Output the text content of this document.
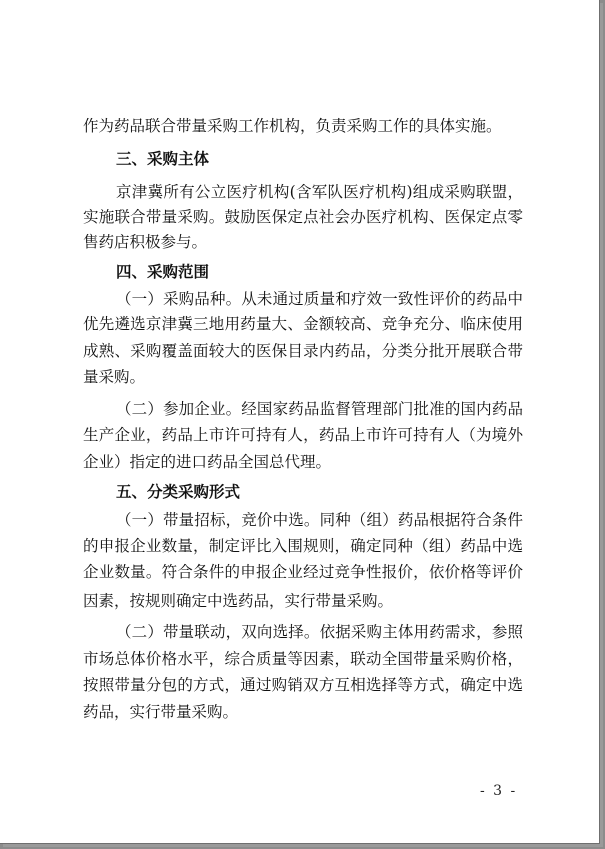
作为药品联合带量采购工作机构，负责采购工作的具体实施。
三、采购主体
京津冀所有公立医疗机构(含军队医疗机构)组成采购联盟，
实施联合带量采购。鼓励医保定点社会办医疗机构、医保定点零
售药店积极参与。
四、采购范围
（一）采购品种。从未通过质量和疗效一致性评价的药品中
优先遴选京津冀三地用药量大、金额较高、竞争充分、临床使用
成熟、采购覆盖面较大的医保目录内药品，分类分批开展联合带
量采购。
（二）参加企业。经国家药品监督管理部门批准的国内药品
生产企业，药品上市许可持有人，药品上市许可持有人（为境外
企业）指定的进口药品全国总代理。
五、分类采购形式
（一）带量招标，竞价中选。同种（组）药品根据符合条件
的申报企业数量，制定评比入围规则，确定同种（组）药品中选
企业数量。符合条件的申报企业经过竞争性报价，依价格等评价
因素，按规则确定中选药品，实行带量采购。
（二）带量联动，双向选择。依据采购主体用药需求，参照
市场总体价格水平，综合质量等因素，联动全国带量采购价格，
按照带量分包的方式，通过购销双方互相选择等方式，确定中选
药品，实行带量采购。
- 3 -
